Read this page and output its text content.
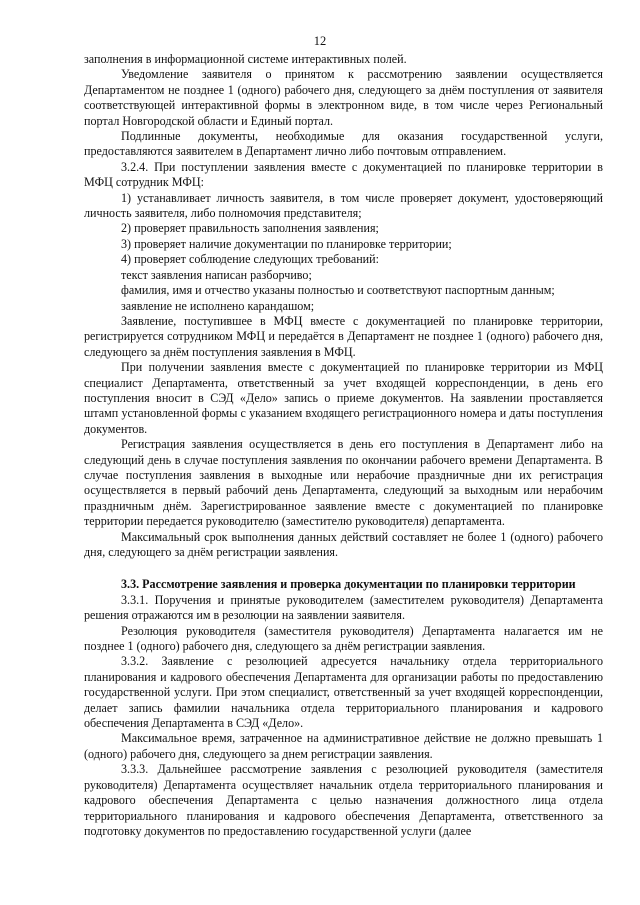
12

заполнения в информационной системе интерактивных полей.

Уведомление заявителя о принятом к рассмотрению заявлении осуществляется Департаментом не позднее 1 (одного) рабочего дня, следующего за днём поступления от заявителя соответствующей интерактивной формы в электронном виде, в том числе через Региональный портал Новгородской области и Единый портал.

Подлинные документы, необходимые для оказания государственной услуги, предоставляются заявителем в Департамент лично либо почтовым отправлением.

3.2.4. При поступлении заявления вместе с документацией по планировке территории в МФЦ сотрудник МФЦ:

1) устанавливает личность заявителя, в том числе проверяет документ, удостоверяющий личность заявителя, либо полномочия представителя;

2) проверяет правильность заполнения заявления;

3) проверяет наличие документации по планировке территории;

4) проверяет соблюдение следующих требований:

текст заявления написан разборчиво;

фамилия, имя и отчество указаны полностью и соответствуют паспортным данным;

заявление не исполнено карандашом;

Заявление, поступившее в МФЦ вместе с документацией по планировке территории, регистрируется сотрудником МФЦ и передаётся в Департамент не позднее 1 (одного) рабочего дня, следующего за днём поступления заявления в МФЦ.

При получении заявления вместе с документацией по планировке территории из МФЦ специалист Департамента, ответственный за учет входящей корреспонденции, в день его поступления вносит в СЭД «Дело» запись о приеме документов. На заявлении проставляется штамп установленной формы с указанием входящего регистрационного номера и даты поступления документов.

Регистрация заявления осуществляется в день его поступления в Департамент либо на следующий день в случае поступления заявления по окончании рабочего времени Департамента. В случае поступления заявления в выходные или нерабочие праздничные дни их регистрация осуществляется в первый рабочий день Департамента, следующий за выходным или нерабочим праздничным днём. Зарегистрированное заявление вместе с документацией по планировке территории передается руководителю (заместителю руководителя) департамента.

Максимальный срок выполнения данных действий составляет не более 1 (одного) рабочего дня, следующего за днём регистрации заявления.

3.3. Рассмотрение заявления и проверка документации по планировки территории

3.3.1. Поручения и принятые руководителем (заместителем руководителя) Департамента решения отражаются им в резолюции на заявлении заявителя.

Резолюция руководителя (заместителя руководителя) Департамента налагается им не позднее 1 (одного) рабочего дня, следующего за днём регистрации заявления.

3.3.2. Заявление с резолюцией адресуется начальнику отдела территориального планирования и кадрового обеспечения Департамента для организации работы по предоставлению государственной услуги. При этом специалист, ответственный за учет входящей корреспонденции, делает запись фамилии начальника отдела территориального планирования и кадрового обеспечения Департамента в СЭД «Дело».

Максимальное время, затраченное на административное действие не должно превышать 1 (одного) рабочего дня, следующего за днем регистрации заявления.

3.3.3. Дальнейшее рассмотрение заявления с резолюцией руководителя (заместителя руководителя) Департамента осуществляет начальник отдела территориального планирования и кадрового обеспечения Департамента с целью назначения должностного лица отдела территориального планирования и кадрового обеспечения Департамента, ответственного за подготовку документов по предоставлению государственной услуги (далее
